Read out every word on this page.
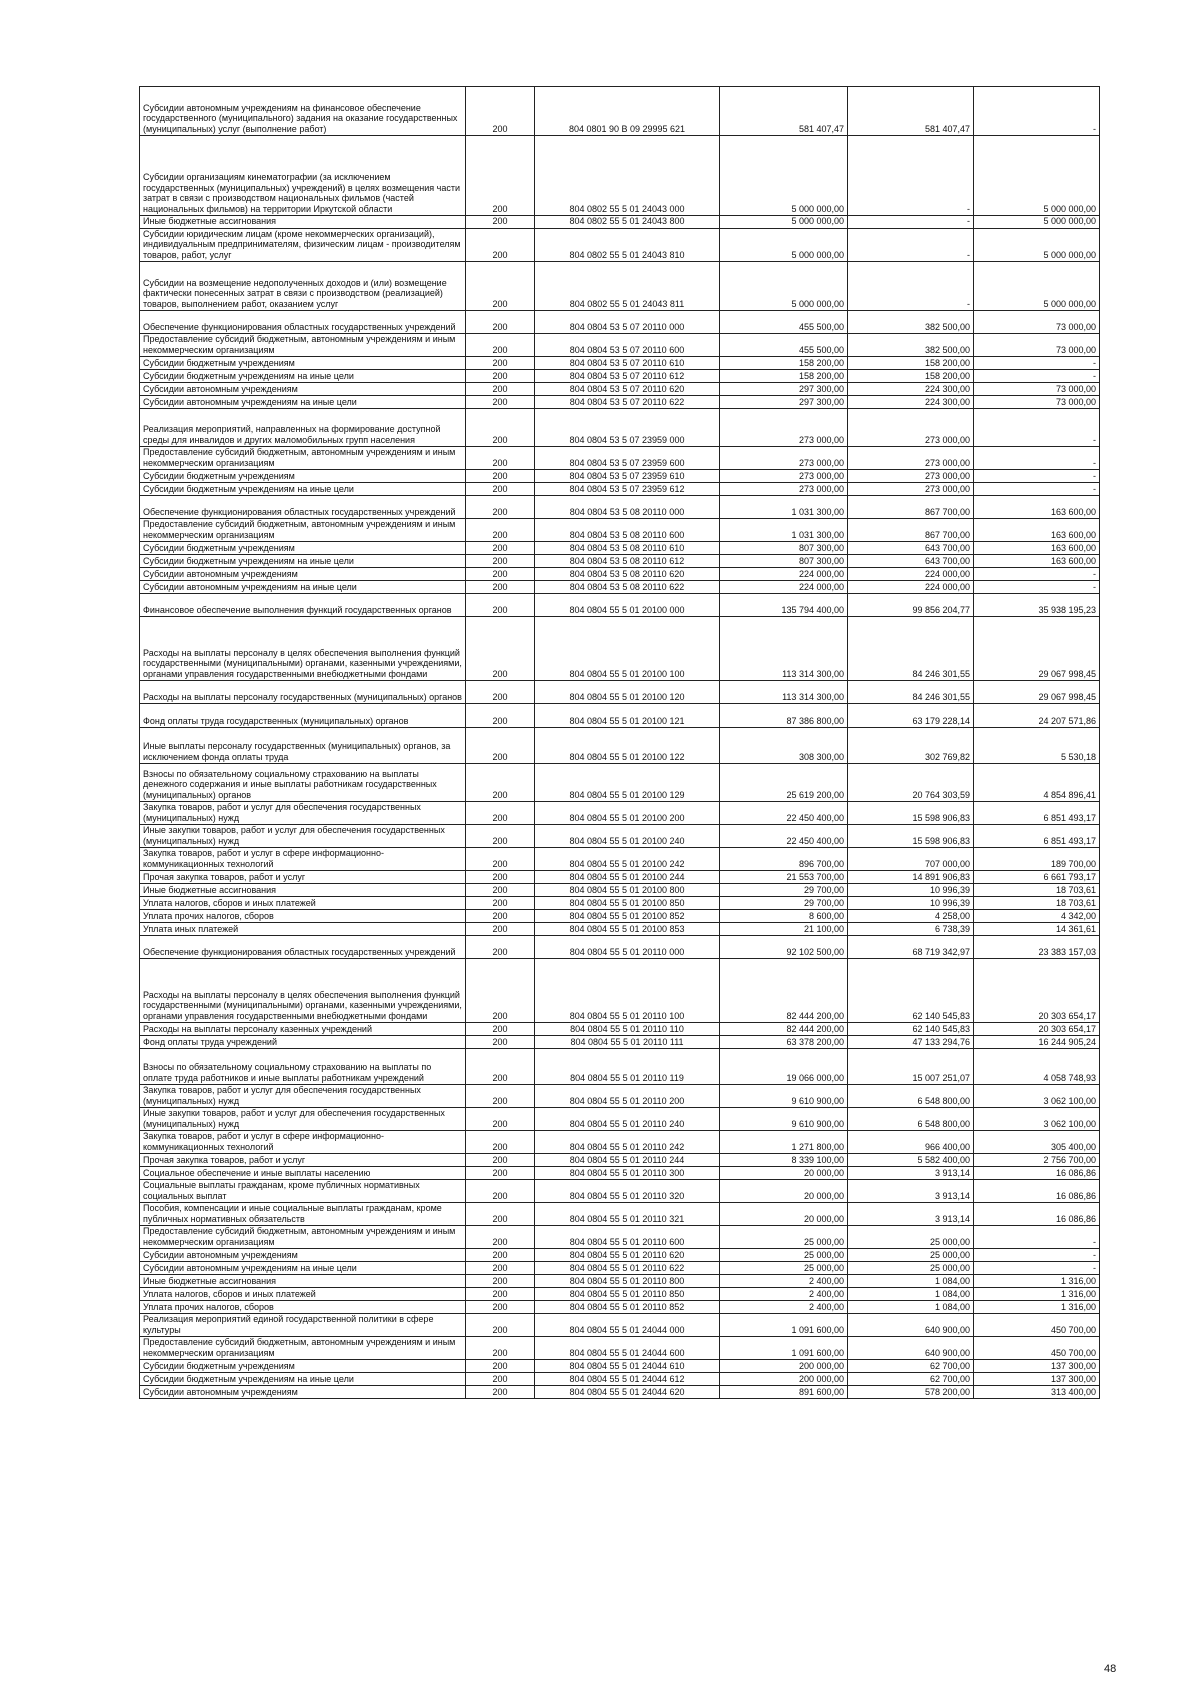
Субсидии автономным учреждениям на финансовое обеспечение государственного (муниципального) задания на оказание государственных (муниципальных) услуг (выполнение работ)	200	804 0801 90 В 09 29995 621	581 407,47	581 407,47	-
Субсидии организациям кинематографии (за исключением государственных (муниципальных) учреждений) в целях возмещения части затрат в связи с производством национальных фильмов (частей национальных фильмов) на территории Иркутской области	200	804 0802 55 5 01 24043 000	5 000 000,00	-	5 000 000,00
Иные бюджетные ассигнования	200	804 0802 55 5 01 24043 800	5 000 000,00	-	5 000 000,00
Субсидии юридическим лицам (кроме некоммерческих организаций), индивидуальным предпринимателям, физическим лицам - производителям товаров, работ, услуг	200	804 0802 55 5 01 24043 810	5 000 000,00	-	5 000 000,00
Субсидии на возмещение недополученных доходов и (или) возмещение фактически понесенных затрат в связи с производством (реализацией) товаров, выполнением работ, оказанием услуг	200	804 0802 55 5 01 24043 811	5 000 000,00	-	5 000 000,00
Обеспечение функционирования областных государственных учреждений	200	804 0804 53 5 07 20110 000	455 500,00	382 500,00	73 000,00
Предоставление субсидий бюджетным, автономным учреждениям и иным некоммерческим организациям	200	804 0804 53 5 07 20110 600	455 500,00	382 500,00	73 000,00
Субсидии бюджетным учреждениям	200	804 0804 53 5 07 20110 610	158 200,00	158 200,00	-
Субсидии бюджетным учреждениям на иные цели	200	804 0804 53 5 07 20110 612	158 200,00	158 200,00	-
Субсидии автономным учреждениям	200	804 0804 53 5 07 20110 620	297 300,00	224 300,00	73 000,00
Субсидии автономным учреждениям на иные цели	200	804 0804 53 5 07 20110 622	297 300,00	224 300,00	73 000,00
Реализация мероприятий, направленных на формирование доступной среды для инвалидов и других маломобильных групп населения	200	804 0804 53 5 07 23959 000	273 000,00	273 000,00	-
Предоставление субсидий бюджетным, автономным учреждениям и иным некоммерческим организациям	200	804 0804 53 5 07 23959 600	273 000,00	273 000,00	-
Субсидии бюджетным учреждениям	200	804 0804 53 5 07 23959 610	273 000,00	273 000,00	-
Субсидии бюджетным учреждениям на иные цели	200	804 0804 53 5 07 23959 612	273 000,00	273 000,00	-
Обеспечение функционирования областных государственных учреждений	200	804 0804 53 5 08 20110 000	1 031 300,00	867 700,00	163 600,00
Предоставление субсидий бюджетным, автономным учреждениям и иным некоммерческим организациям	200	804 0804 53 5 08 20110 600	1 031 300,00	867 700,00	163 600,00
Субсидии бюджетным учреждениям	200	804 0804 53 5 08 20110 610	807 300,00	643 700,00	163 600,00
Субсидии бюджетным учреждениям на иные цели	200	804 0804 53 5 08 20110 612	807 300,00	643 700,00	163 600,00
Субсидии автономным учреждениям	200	804 0804 53 5 08 20110 620	224 000,00	224 000,00	-
Субсидии автономным учреждениям на иные цели	200	804 0804 53 5 08 20110 622	224 000,00	224 000,00	-
Финансовое обеспечение выполнения функций государственных органов	200	804 0804 55 5 01 20100 000	135 794 400,00	99 856 204,77	35 938 195,23
Расходы на выплаты персоналу в целях обеспечения выполнения функций государственными (муниципальными) органами, казенными учреждениями, органами управления государственными внебюджетными фондами	200	804 0804 55 5 01 20100 100	113 314 300,00	84 246 301,55	29 067 998,45
Расходы на выплаты персоналу государственных (муниципальных) органов	200	804 0804 55 5 01 20100 120	113 314 300,00	84 246 301,55	29 067 998,45
Фонд оплаты труда государственных (муниципальных) органов	200	804 0804 55 5 01 20100 121	87 386 800,00	63 179 228,14	24 207 571,86
Иные выплаты персоналу государственных (муниципальных) органов, за исключением фонда оплаты труда	200	804 0804 55 5 01 20100 122	308 300,00	302 769,82	5 530,18
Взносы по обязательному социальному страхованию на выплаты денежного содержания и иные выплаты работникам государственных (муниципальных) органов	200	804 0804 55 5 01 20100 129	25 619 200,00	20 764 303,59	4 854 896,41
Закупка товаров, работ и услуг для обеспечения государственных (муниципальных) нужд	200	804 0804 55 5 01 20100 200	22 450 400,00	15 598 906,83	6 851 493,17
Иные закупки товаров, работ и услуг для обеспечения государственных (муниципальных) нужд	200	804 0804 55 5 01 20100 240	22 450 400,00	15 598 906,83	6 851 493,17
Закупка товаров, работ и услуг в сфере информационно-коммуникационных технологий	200	804 0804 55 5 01 20100 242	896 700,00	707 000,00	189 700,00
Прочая закупка товаров, работ и услуг	200	804 0804 55 5 01 20100 244	21 553 700,00	14 891 906,83	6 661 793,17
Иные бюджетные ассигнования	200	804 0804 55 5 01 20100 800	29 700,00	10 996,39	18 703,61
Уплата налогов, сборов и иных платежей	200	804 0804 55 5 01 20100 850	29 700,00	10 996,39	18 703,61
Уплата прочих налогов, сборов	200	804 0804 55 5 01 20100 852	8 600,00	4 258,00	4 342,00
Уплата иных платежей	200	804 0804 55 5 01 20100 853	21 100,00	6 738,39	14 361,61
Обеспечение функционирования областных государственных учреждений	200	804 0804 55 5 01 20110 000	92 102 500,00	68 719 342,97	23 383 157,03
Расходы на выплаты персоналу в целях обеспечения выполнения функций государственными (муниципальными) органами, казенными учреждениями, органами управления государственными внебюджетными фондами	200	804 0804 55 5 01 20110 100	82 444 200,00	62 140 545,83	20 303 654,17
Расходы на выплаты персоналу казенных учреждений	200	804 0804 55 5 01 20110 110	82 444 200,00	62 140 545,83	20 303 654,17
Фонд оплаты труда учреждений	200	804 0804 55 5 01 20110 111	63 378 200,00	47 133 294,76	16 244 905,24
Взносы по обязательному социальному страхованию на выплаты по оплате труда работников и иные выплаты работникам учреждений	200	804 0804 55 5 01 20110 119	19 066 000,00	15 007 251,07	4 058 748,93
Закупка товаров, работ и услуг для обеспечения государственных (муниципальных) нужд	200	804 0804 55 5 01 20110 200	9 610 900,00	6 548 800,00	3 062 100,00
Иные закупки товаров, работ и услуг для обеспечения государственных (муниципальных) нужд	200	804 0804 55 5 01 20110 240	9 610 900,00	6 548 800,00	3 062 100,00
Закупка товаров, работ и услуг в сфере информационно-коммуникационных технологий	200	804 0804 55 5 01 20110 242	1 271 800,00	966 400,00	305 400,00
Прочая закупка товаров, работ и услуг	200	804 0804 55 5 01 20110 244	8 339 100,00	5 582 400,00	2 756 700,00
Социальное обеспечение и иные выплаты населению	200	804 0804 55 5 01 20110 300	20 000,00	3 913,14	16 086,86
Социальные выплаты гражданам, кроме публичных нормативных социальных выплат	200	804 0804 55 5 01 20110 320	20 000,00	3 913,14	16 086,86
Пособия, компенсации и иные социальные выплаты гражданам, кроме публичных нормативных обязательств	200	804 0804 55 5 01 20110 321	20 000,00	3 913,14	16 086,86
Предоставление субсидий бюджетным, автономным учреждениям и иным некоммерческим организациям	200	804 0804 55 5 01 20110 600	25 000,00	25 000,00	-
Субсидии автономным учреждениям	200	804 0804 55 5 01 20110 620	25 000,00	25 000,00	-
Субсидии автономным учреждениям на иные цели	200	804 0804 55 5 01 20110 622	25 000,00	25 000,00	-
Иные бюджетные ассигнования	200	804 0804 55 5 01 20110 800	2 400,00	1 084,00	1 316,00
Уплата налогов, сборов и иных платежей	200	804 0804 55 5 01 20110 850	2 400,00	1 084,00	1 316,00
Уплата прочих налогов, сборов	200	804 0804 55 5 01 20110 852	2 400,00	1 084,00	1 316,00
Реализация мероприятий единой государственной политики в сфере культуры	200	804 0804 55 5 01 24044 000	1 091 600,00	640 900,00	450 700,00
Предоставление субсидий бюджетным, автономным учреждениям и иным некоммерческим организациям	200	804 0804 55 5 01 24044 600	1 091 600,00	640 900,00	450 700,00
Субсидии бюджетным учреждениям	200	804 0804 55 5 01 24044 610	200 000,00	62 700,00	137 300,00
Субсидии бюджетным учреждениям на иные цели	200	804 0804 55 5 01 24044 612	200 000,00	62 700,00	137 300,00
Субсидии автономным учреждениям	200	804 0804 55 5 01 24044 620	891 600,00	578 200,00	313 400,00
48
